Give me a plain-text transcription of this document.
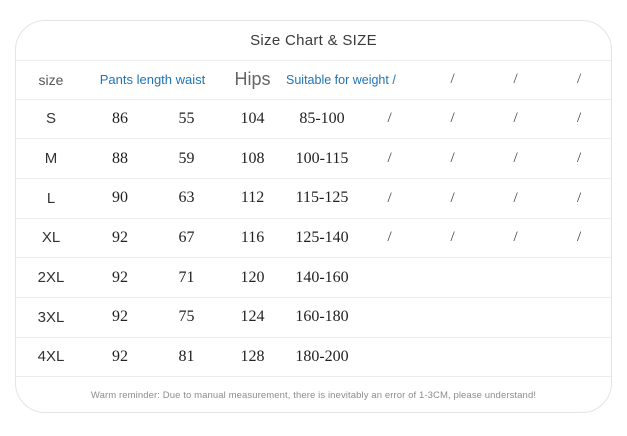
Size Chart & SIZE
size	Pants length waist		Hips	Suitable for weight /		/	/	/
S	86	55	104	85-100	/	/	/	/
M	88	59	108	100-115	/	/	/	/
L	90	63	112	115-125	/	/	/	/
XL	92	67	116	125-140	/	/	/	/
2XL	92	71	120	140-160				
3XL	92	75	124	160-180				
4XL	92	81	128	180-200				
Warm reminder: Due to manual measurement, there is inevitably an error of 1-3CM, please understand!
